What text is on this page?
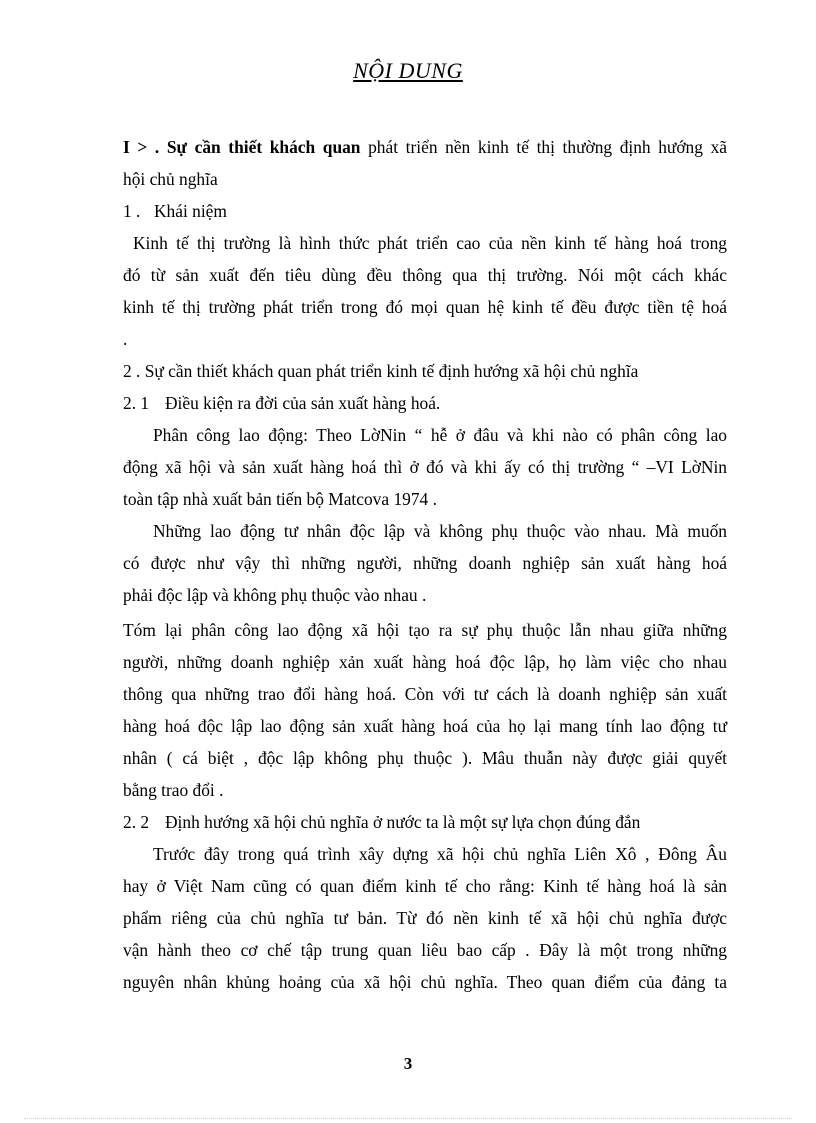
NỘI DUNG
I > . Sự cần thiết khách quan phát triển nền kinh tế thị thường định hướng xã
hội chủ nghĩa
1 . Khái niệm
Kinh tế thị trường là hình thức phát triển cao của nền kinh tế hàng hoá trong
đó từ sản xuất đến tiêu dùng đều thông qua thị trường. Nói một cách khác
kinh tế thị trường phát triển trong đó mọi quan hệ kinh tế đều được tiền tệ hoá
.
2 . Sự cần thiết khách quan phát triển kinh tế định hướng xã hội chủ nghĩa
2. 1 Điều kiện ra đời của sản xuất hàng hoá.
Phân công lao động: Theo LờNin “ hễ ở đâu và khi nào có phân công lao
động xã hội và sản xuất hàng hoá thì ở đó và khi ấy có thị trường “ –VI LờNin
toàn tập nhà xuất bản tiến bộ Matcova 1974 .
Những lao động tư nhân độc lập và không phụ thuộc vào nhau. Mà muốn
có được như vậy thì những người, những doanh nghiệp sản xuất hàng hoá
phải độc lập và không phụ thuộc vào nhau .
Tóm lại phân công lao động xã hội tạo ra sự phụ thuộc lẫn nhau giữa những
người, những doanh nghiệp xản xuất hàng hoá độc lập, họ làm việc cho nhau
thông qua những trao đổi hàng hoá. Còn với tư cách là doanh nghiệp sản xuất
hàng hoá độc lập lao động sản xuất hàng hoá của họ lại mang tính lao động tư
nhân ( cá biệt , độc lập không phụ thuộc ). Mâu thuẫn này được giải quyết
bằng trao đổi .
2. 2 Định hướng xã hội chủ nghĩa ở nước ta là một sự lựa chọn đúng đắn
Trước đây trong quá trình xây dựng xã hội chủ nghĩa Liên Xô , Đông Âu
hay ở Việt Nam cũng có quan điểm kinh tế cho rằng: Kinh tế hàng hoá là sản
phẩm riêng của chủ nghĩa tư bản. Từ đó nền kinh tế xã hội chủ nghĩa được
vận hành theo cơ chế tập trung quan liêu bao cấp . Đây là một trong những
nguyên nhân khủng hoảng của xã hội chủ nghĩa. Theo quan điểm của đảng ta
3
